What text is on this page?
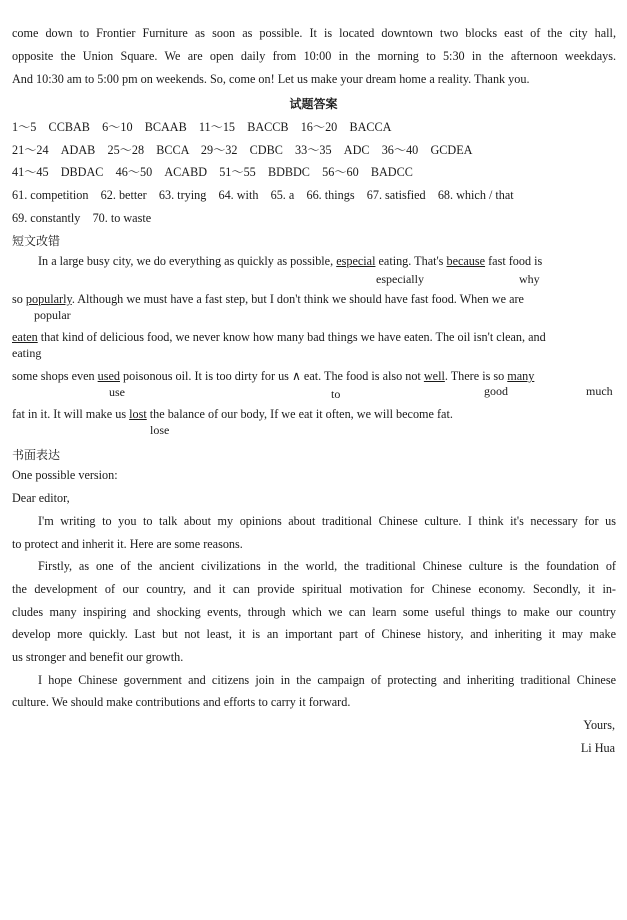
come down to Frontier Furniture as soon as possible. It is located downtown two blocks east of the city hall,
opposite the Union Square. We are open daily from 10:00 in the morning to 5:30 in the afternoon weekdays.
And 10:30 am to 5:00 pm on weekends. So, come on! Let us make your dream home a reality. Thank you.
试题答案
1～5　CCBAB　6～10　BCAAB　11～15　BACCB　16～20　BACCA
21～24　ADAB　25～28　BCCA　29～32　CDBC　33～35　ADC　36～40　GCDEA
41～45　DBDAC　46～50　ACABD　51～55　BDBDC　56～60　BADCC
61. competition　62. better　63. trying　64. with　65. a　66. things　67. satisfied　68. which / that
69. constantly　70. to waste
短文改错
In a large busy city, we do everything as quickly as possible, especial eating. That's because fast food is
especially	why
so popularly. Although we must have a fast step, but I don't think we should have fast food. When we are
popular
eaten that kind of delicious food, we never know how many bad things we have eaten. The oil isn't clean, and
eating
some shops even used poisonous oil. It is too dirty for us ∧ eat. The food is also not well. There is so many
use	to	good	much
fat in it. It will make us lost the balance of our body, If we eat it often, we will become fat.
lose
书面表达
One possible version:
Dear editor,
I'm writing to you to talk about my opinions about traditional Chinese culture. I think it's necessary for us
to protect and inherit it. Here are some reasons.
Firstly, as one of the ancient civilizations in the world, the traditional Chinese culture is the foundation of
the development of our country, and it can provide spiritual motivation for Chinese economy. Secondly, it in-
cludes many inspiring and shocking events, through which we can learn some useful things to make our country
develop more quickly. Last but not least, it is an important part of Chinese history, and inheriting it may make
us stronger and benefit our growth.
I hope Chinese government and citizens join in the campaign of protecting and inheriting traditional Chinese
culture. We should make contributions and efforts to carry it forward.
Yours,
Li Hua
